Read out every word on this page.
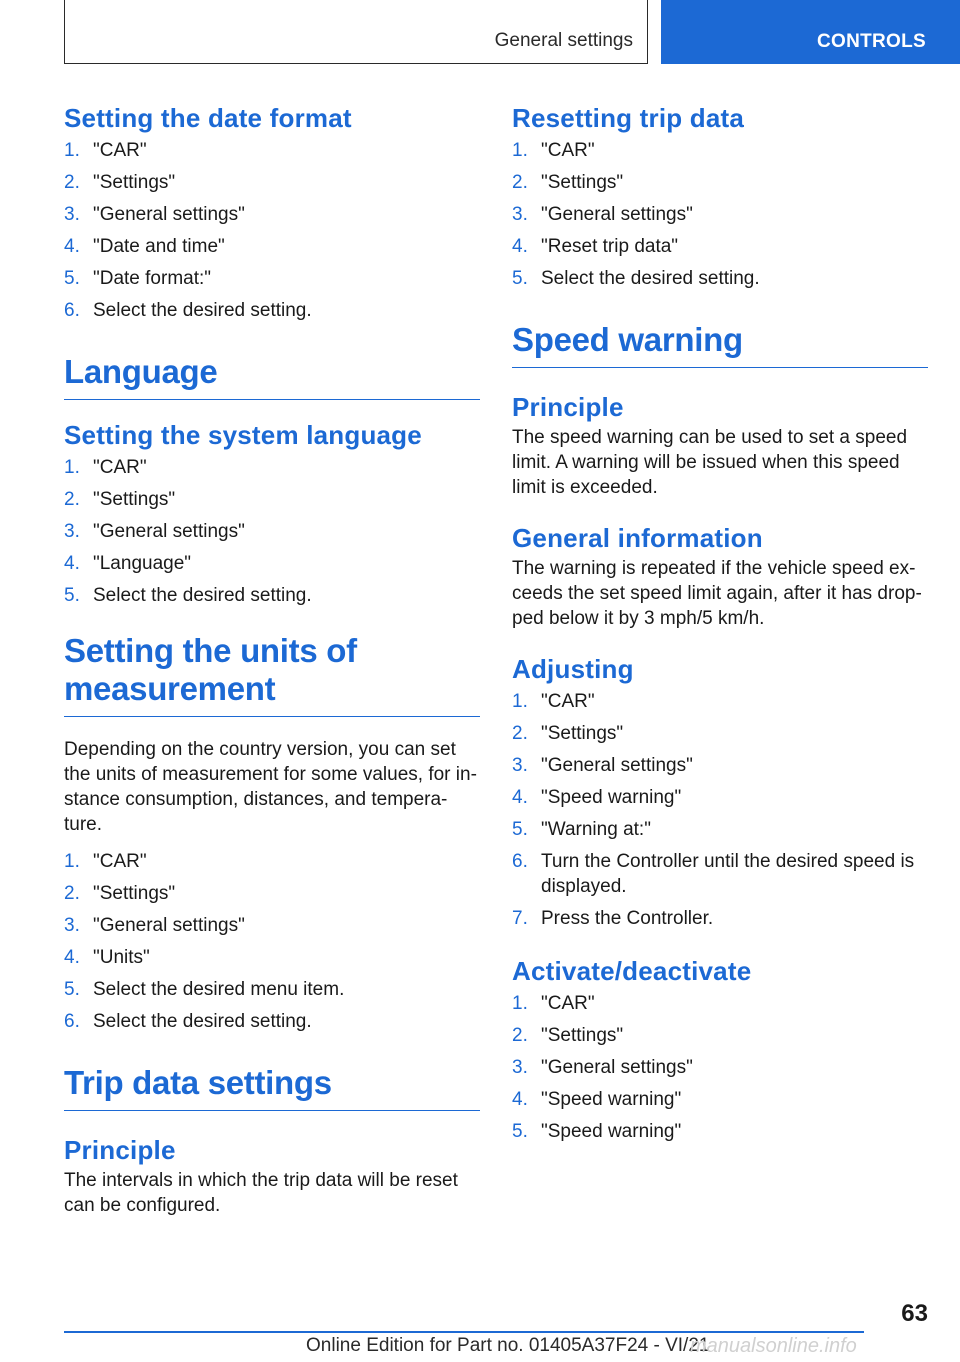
General settings	CONTROLS
Setting the date format
1. "CAR"
2. "Settings"
3. "General settings"
4. "Date and time"
5. "Date format:"
6. Select the desired setting.
Language
Setting the system language
1. "CAR"
2. "Settings"
3. "General settings"
4. "Language"
5. Select the desired setting.
Setting the units of
measurement

Depending on the country version, you can set the units of measurement for some values, for in-stance consumption, distances, and tempera-ture.

1. "CAR"
2. "Settings"
3. "General settings"
4. "Units"
5. Select the desired menu item.
6. Select the desired setting.
Trip data settings
Principle

The intervals in which the trip data will be reset can be configured.

Resetting trip data
1. "CAR"
2. "Settings"
3. "General settings"
4. "Reset trip data"
5. Select the desired setting.
Speed warning
Principle

The speed warning can be used to set a speed limit. A warning will be issued when this speed limit is exceeded.

General information

The warning is repeated if the vehicle speed ex-ceeds the set speed limit again, after it has drop-ped below it by 3 mph/5 km/h.

Adjusting
1. "CAR"
2. "Settings"
3. "General settings"
4. "Speed warning"
5. "Warning at:"
6. Turn the Controller until the desired speed is displayed.
7. Press the Controller.
Activate/deactivate
1. "CAR"
2. "Settings"
3. "General settings"
4. "Speed warning"
5. "Speed warning"
63
Online Edition for Part no. 01405A37F24 - VI/21
manualsonline.info
